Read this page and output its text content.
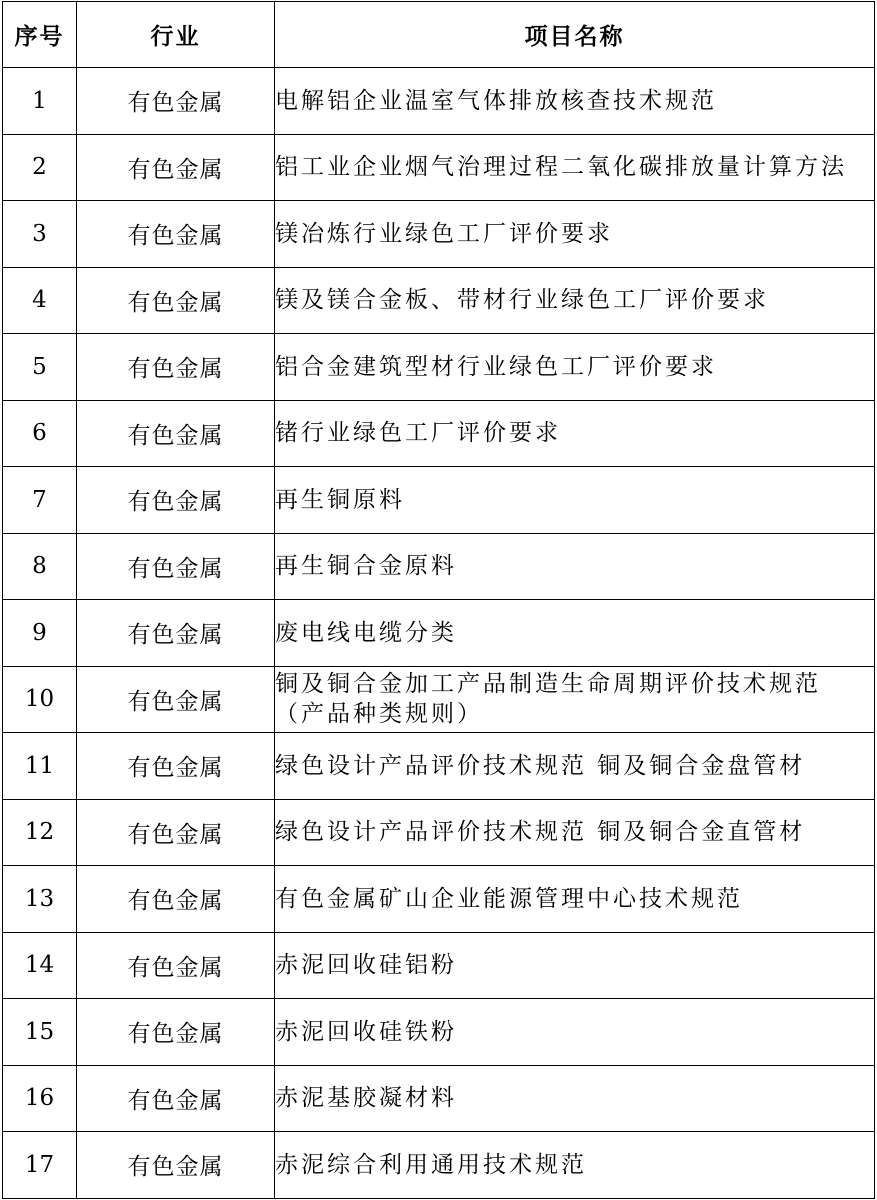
序号	行业	项目名称
1	有色金属	电解铝企业温室气体排放核查技术规范

2	有色金属	铝工业企业烟气治理过程二氧化碳排放量计算方法

3	有色金属	镁冶炼行业绿色工厂评价要求

4	有色金属	镁及镁合金板、带材行业绿色工厂评价要求

5	有色金属	铝合金建筑型材行业绿色工厂评价要求

6	有色金属	锗行业绿色工厂评价要求

7	有色金属	再生铜原料

8	有色金属	再生铜合金原料

9	有色金属	废电线电缆分类

10	有色金属	铜及铜合金加工产品制造生命周期评价技术规范
（产品种类规则）

11	有色金属	绿色设计产品评价技术规范 铜及铜合金盘管材

12	有色金属	绿色设计产品评价技术规范 铜及铜合金直管材

13	有色金属	有色金属矿山企业能源管理中心技术规范

14	有色金属	赤泥回收硅铝粉

15	有色金属	赤泥回收硅铁粉

16	有色金属	赤泥基胶凝材料

17	有色金属	赤泥综合利用通用技术规范
